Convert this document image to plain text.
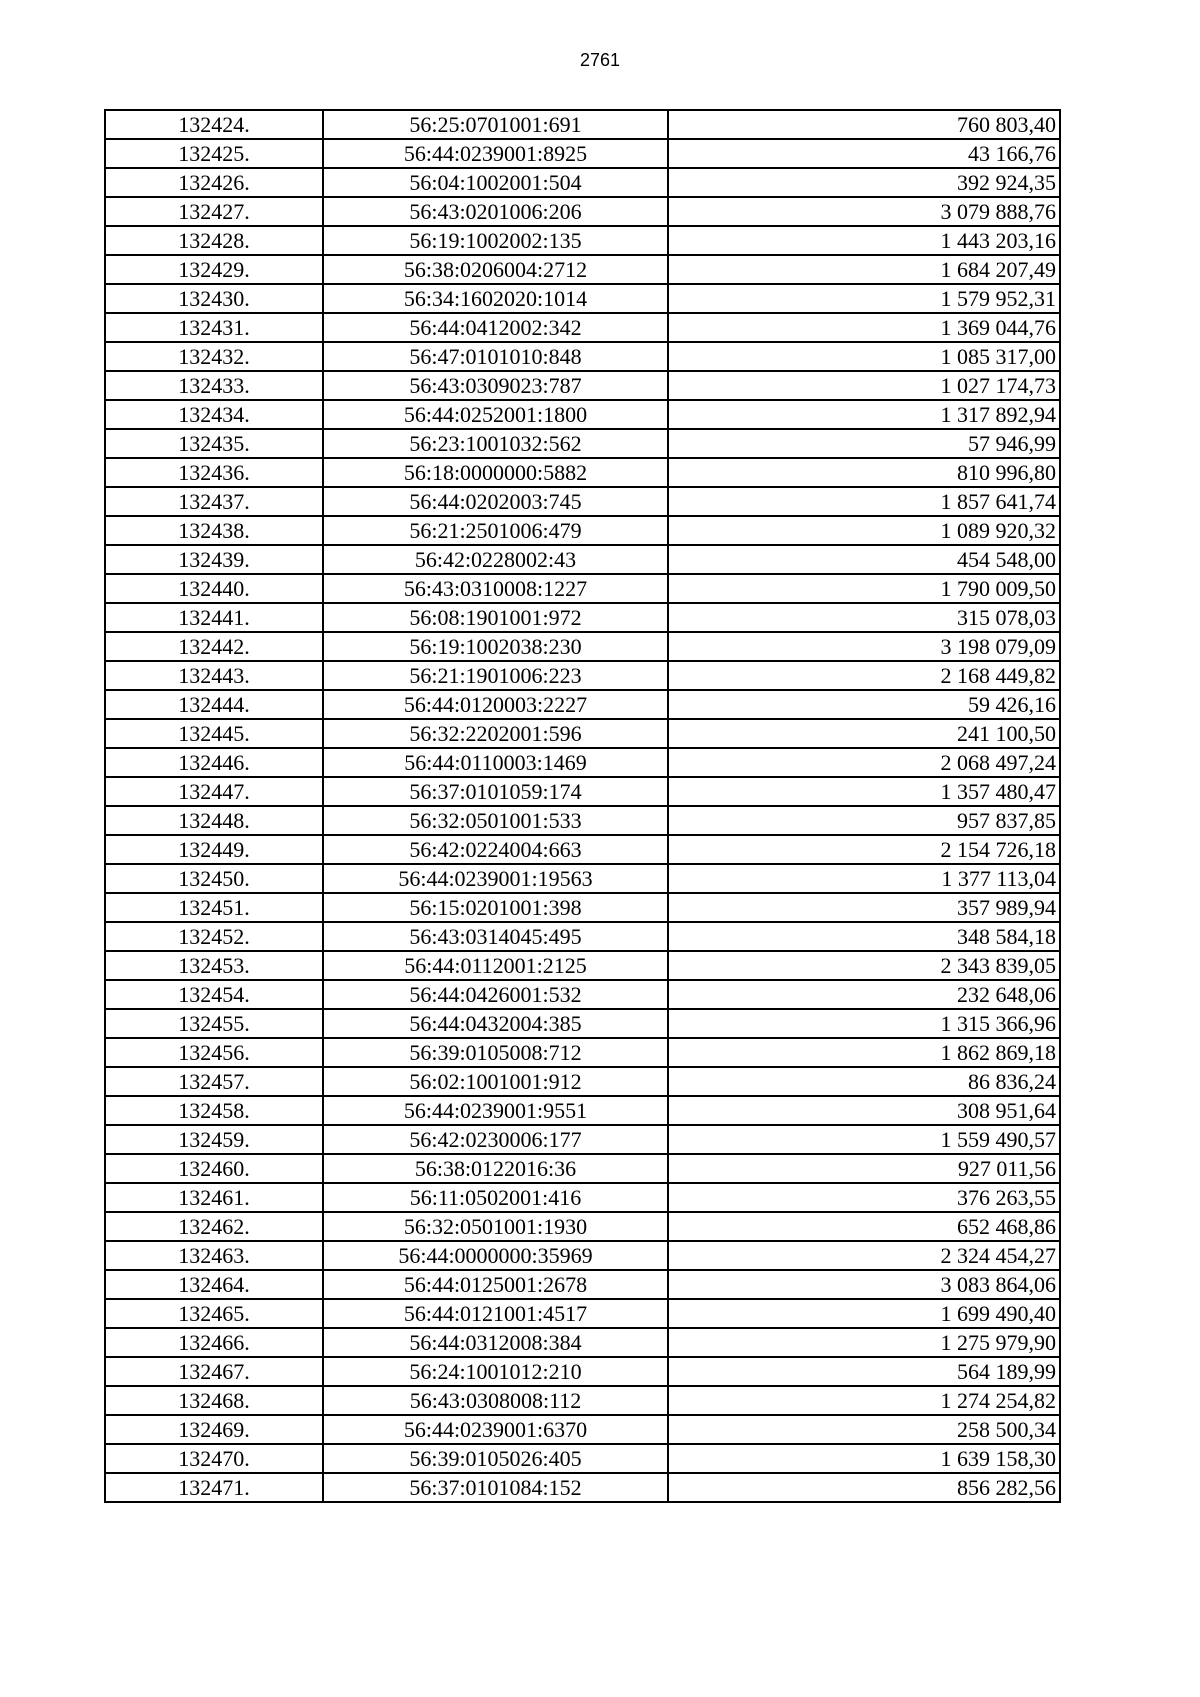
2761
132424.	56:25:0701001:691	760 803,40
132425.	56:44:0239001:8925	43 166,76
132426.	56:04:1002001:504	392 924,35
132427.	56:43:0201006:206	3 079 888,76
132428.	56:19:1002002:135	1 443 203,16
132429.	56:38:0206004:2712	1 684 207,49
132430.	56:34:1602020:1014	1 579 952,31
132431.	56:44:0412002:342	1 369 044,76
132432.	56:47:0101010:848	1 085 317,00
132433.	56:43:0309023:787	1 027 174,73
132434.	56:44:0252001:1800	1 317 892,94
132435.	56:23:1001032:562	57 946,99
132436.	56:18:0000000:5882	810 996,80
132437.	56:44:0202003:745	1 857 641,74
132438.	56:21:2501006:479	1 089 920,32
132439.	56:42:0228002:43	454 548,00
132440.	56:43:0310008:1227	1 790 009,50
132441.	56:08:1901001:972	315 078,03
132442.	56:19:1002038:230	3 198 079,09
132443.	56:21:1901006:223	2 168 449,82
132444.	56:44:0120003:2227	59 426,16
132445.	56:32:2202001:596	241 100,50
132446.	56:44:0110003:1469	2 068 497,24
132447.	56:37:0101059:174	1 357 480,47
132448.	56:32:0501001:533	957 837,85
132449.	56:42:0224004:663	2 154 726,18
132450.	56:44:0239001:19563	1 377 113,04
132451.	56:15:0201001:398	357 989,94
132452.	56:43:0314045:495	348 584,18
132453.	56:44:0112001:2125	2 343 839,05
132454.	56:44:0426001:532	232 648,06
132455.	56:44:0432004:385	1 315 366,96
132456.	56:39:0105008:712	1 862 869,18
132457.	56:02:1001001:912	86 836,24
132458.	56:44:0239001:9551	308 951,64
132459.	56:42:0230006:177	1 559 490,57
132460.	56:38:0122016:36	927 011,56
132461.	56:11:0502001:416	376 263,55
132462.	56:32:0501001:1930	652 468,86
132463.	56:44:0000000:35969	2 324 454,27
132464.	56:44:0125001:2678	3 083 864,06
132465.	56:44:0121001:4517	1 699 490,40
132466.	56:44:0312008:384	1 275 979,90
132467.	56:24:1001012:210	564 189,99
132468.	56:43:0308008:112	1 274 254,82
132469.	56:44:0239001:6370	258 500,34
132470.	56:39:0105026:405	1 639 158,30
132471.	56:37:0101084:152	856 282,56
